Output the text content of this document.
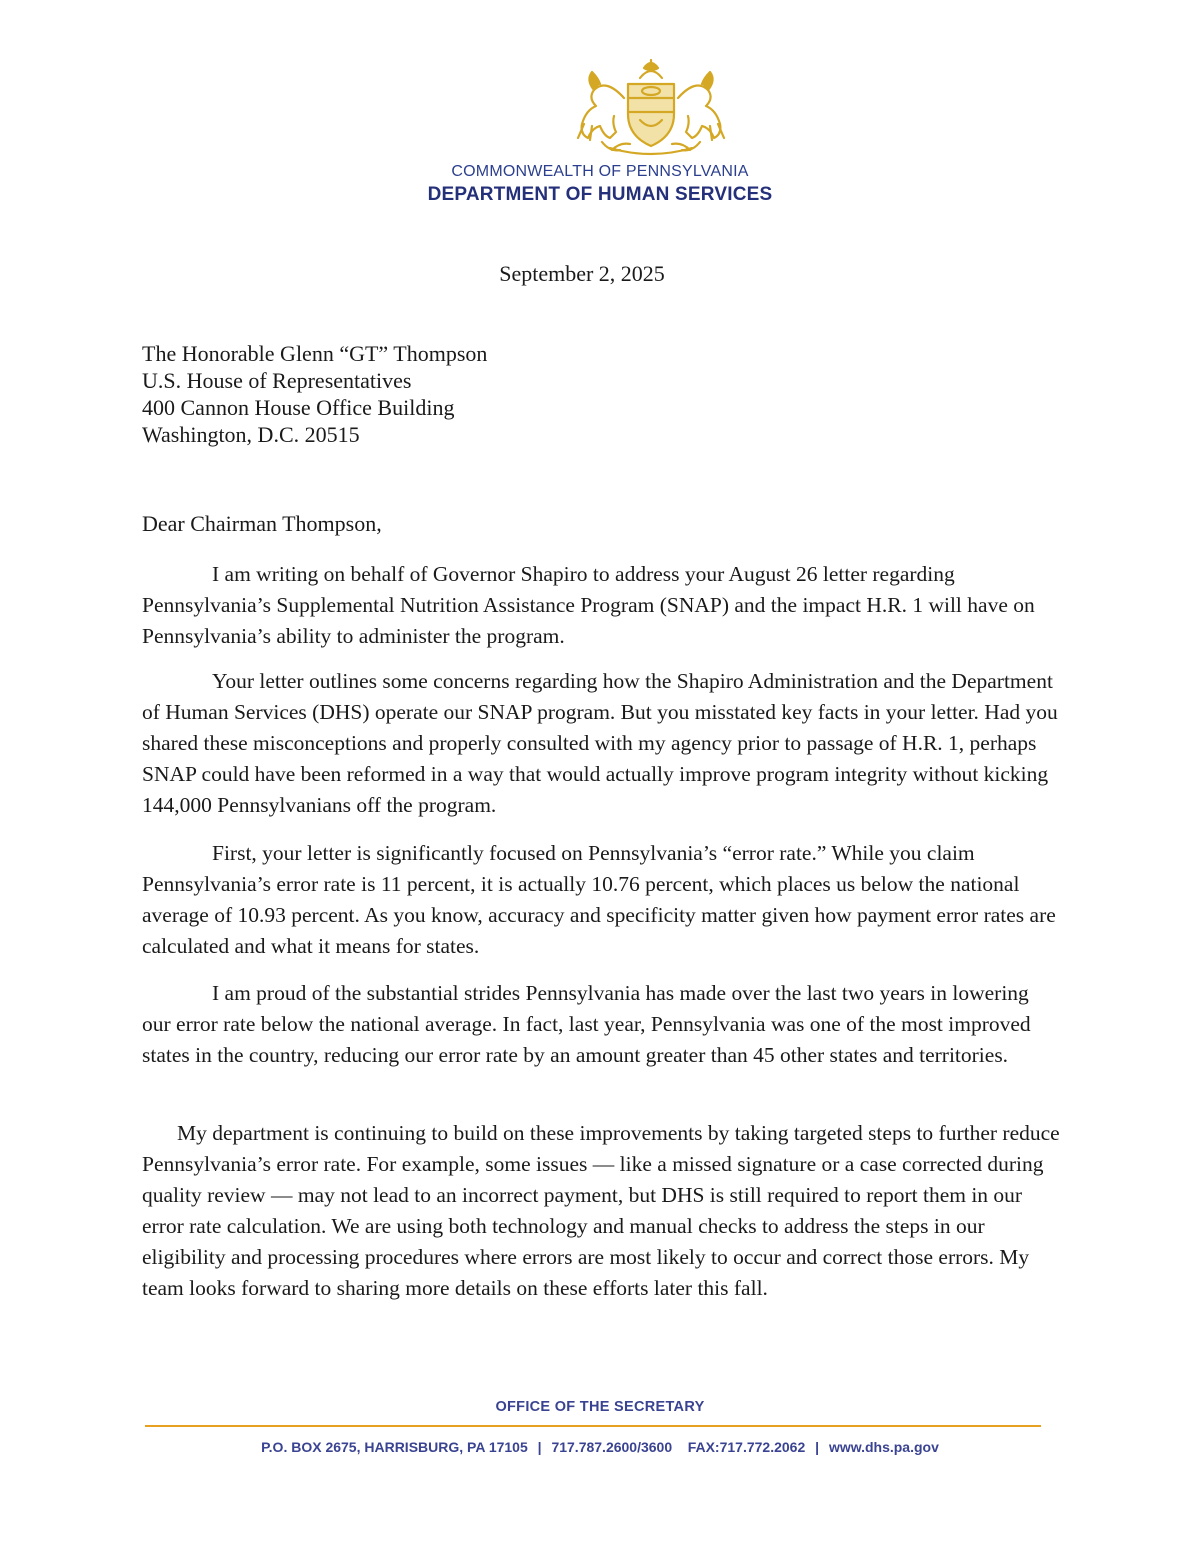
COMMONWEALTH OF PENNSYLVANIA
DEPARTMENT OF HUMAN SERVICES
September 2, 2025
The Honorable Glenn “GT” Thompson
U.S. House of Representatives
400 Cannon House Office Building
Washington, D.C. 20515
Dear Chairman Thompson,

I am writing on behalf of Governor Shapiro to address your August 26 letter regarding Pennsylvania’s Supplemental Nutrition Assistance Program (SNAP) and the impact H.R. 1 will have on Pennsylvania’s ability to administer the program.

Your letter outlines some concerns regarding how the Shapiro Administration and the Department of Human Services (DHS) operate our SNAP program. But you misstated key facts in your letter. Had you shared these misconceptions and properly consulted with my agency prior to passage of H.R. 1, perhaps SNAP could have been reformed in a way that would actually improve program integrity without kicking 144,000 Pennsylvanians off the program.

First, your letter is significantly focused on Pennsylvania’s “error rate.” While you claim Pennsylvania’s error rate is 11 percent, it is actually 10.76 percent, which places us below the national average of 10.93 percent. As you know, accuracy and specificity matter given how payment error rates are calculated and what it means for states.

I am proud of the substantial strides Pennsylvania has made over the last two years in lowering our error rate below the national average. In fact, last year, Pennsylvania was one of the most improved states in the country, reducing our error rate by an amount greater than 45 other states and territories.

My department is continuing to build on these improvements by taking targeted steps to further reduce Pennsylvania’s error rate. For example, some issues — like a missed signature or a case corrected during quality review — may not lead to an incorrect payment, but DHS is still required to report them in our error rate calculation. We are using both technology and manual checks to address the steps in our eligibility and processing procedures where errors are most likely to occur and correct those errors. My team looks forward to sharing more details on these efforts later this fall.

OFFICE OF THE SECRETARY
P.O. BOX 2675, HARRISBURG, PA 17105 | 717.787.2600/3600 FAX:717.772.2062 | www.dhs.pa.gov
